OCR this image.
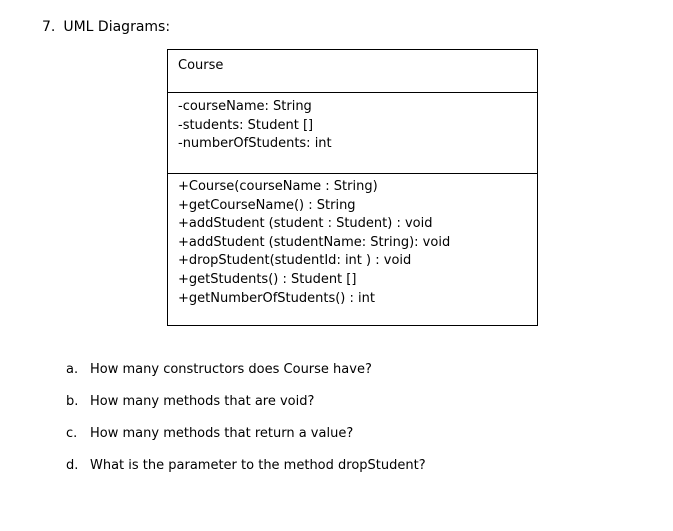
7. UML Diagrams:
Course
-courseName: String
-students: Student []
-numberOfStudents: int
+Course(courseName : String)
+getCourseName() : String
+addStudent (student : Student) : void
+addStudent (studentName: String): void
+dropStudent(studentId: int ) : void
+getStudents() : Student []
+getNumberOfStudents() : int
a. How many constructors does Course have?
b. How many methods that are void?
c. How many methods that return a value?
d. What is the parameter to the method dropStudent?
